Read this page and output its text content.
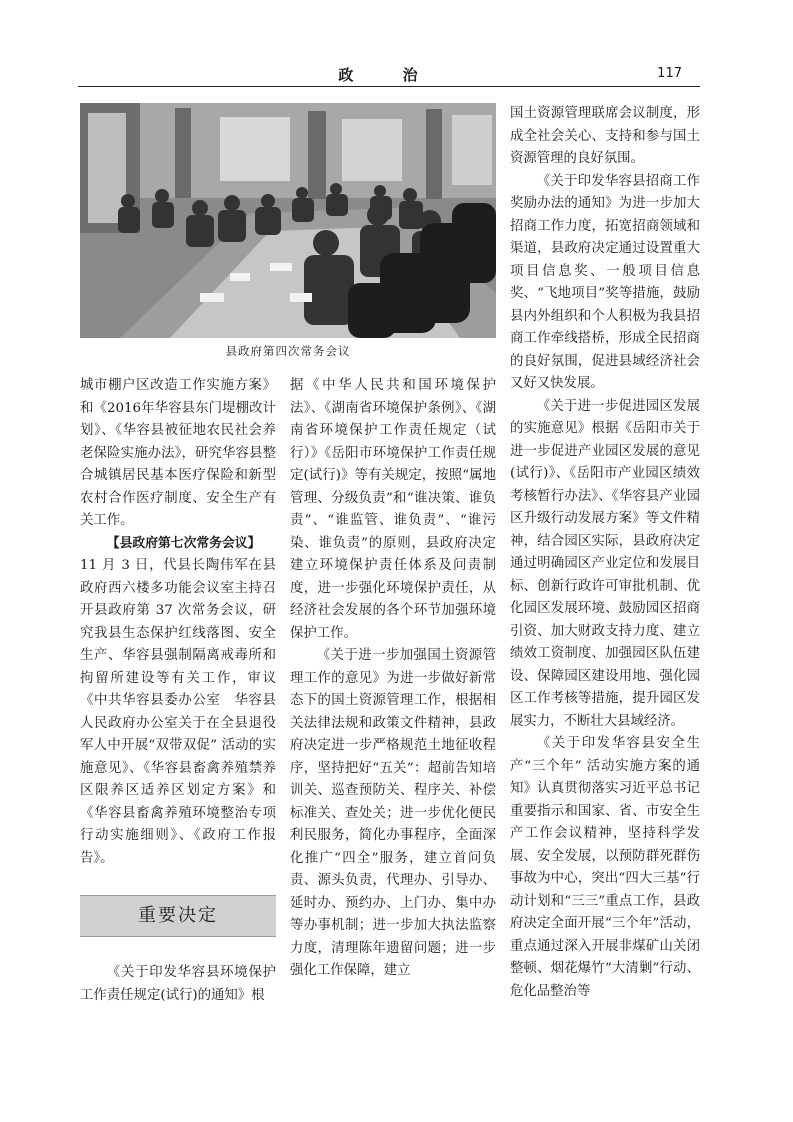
政 治	117
县政府第四次常务会议

城市棚户区改造工作实施方案》和《2016年华容县东门堤棚改计划》、《华容县被征地农民社会养老保险实施办法》，研究华容县整合城镇居民基本医疗保险和新型农村合作医疗制度、安全生产有关工作。

【县政府第七次常务会议】

11 月 3 日，代县长陶伟军在县政府西六楼多功能会议室主持召开县政府第 37 次常务会议，研究我县生态保护红线落图、安全生产、华容县强制隔离戒毒所和拘留所建设等有关工作，审议《中共华容县委办公室　华容县人民政府办公室关于在全县退役军人中开展“双带双促” 活动的实施意见》、《华容县畜禽养殖禁养区限养区适养区划定方案》和《华容县畜禽养殖环境整治专项行动实施细则》、《政府工作报告》。

重要决定

《关于印发华容县环境保护工作责任规定(试行)的通知》根

据《中华人民共和国环境保护法》、《湖南省环境保护条例》、《湖南省环境保护工作责任规定（试行）》《岳阳市环境保护工作责任规定(试行)》等有关规定，按照“属地管理、分级负责”和“谁决策、谁负责”、“谁监管、谁负责”、“谁污染、谁负责”的原则，县政府决定建立环境保护责任体系及问责制度，进一步强化环境保护责任，从经济社会发展的各个环节加强环境保护工作。

《关于进一步加强国土资源管理工作的意见》为进一步做好新常态下的国土资源管理工作，根据相关法律法规和政策文件精神，县政府决定进一步严格规范土地征收程序，坚持把好“五关”：超前告知培训关、巡查预防关、程序关、补偿标准关、查处关；进一步优化便民利民服务，简化办事程序，全面深化推广“四全”服务，建立首问负责、源头负责，代理办、引导办、延时办、预约办、上门办、集中办等办事机制；进一步加大执法监察力度，清理陈年遗留问题；进一步强化工作保障，建立

国土资源管理联席会议制度，形成全社会关心、支持和参与国土资源管理的良好氛围。

《关于印发华容县招商工作奖励办法的通知》为进一步加大招商工作力度，拓宽招商领域和渠道，县政府决定通过设置重大项目信息奖、一般项目信息奖、“飞地项目”奖等措施，鼓励县内外组织和个人积极为我县招商工作牵线搭桥，形成全民招商的良好氛围，促进县域经济社会又好又快发展。

《关于进一步促进园区发展的实施意见》根据《岳阳市关于进一步促进产业园区发展的意见(试行)》、《岳阳市产业园区绩效考核暂行办法》、《华容县产业园区升级行动发展方案》等文件精神，结合园区实际，县政府决定通过明确园区产业定位和发展目标、创新行政许可审批机制、优化园区发展环境、鼓励园区招商引资、加大财政支持力度、建立绩效工资制度、加强园区队伍建设、保障园区建设用地、强化园区工作考核等措施，提升园区发展实力，不断壮大县域经济。

《关于印发华容县安全生产“三个年” 活动实施方案的通知》认真贯彻落实习近平总书记重要指示和国家、省、市安全生产工作会议精神，坚持科学发展、安全发展，以预防群死群伤事故为中心，突出“四大三基”行动计划和“三三”重点工作，县政府决定全面开展“三个年”活动，重点通过深入开展非煤矿山关闭整顿、烟花爆竹“大清剿”行动、危化品整治等
